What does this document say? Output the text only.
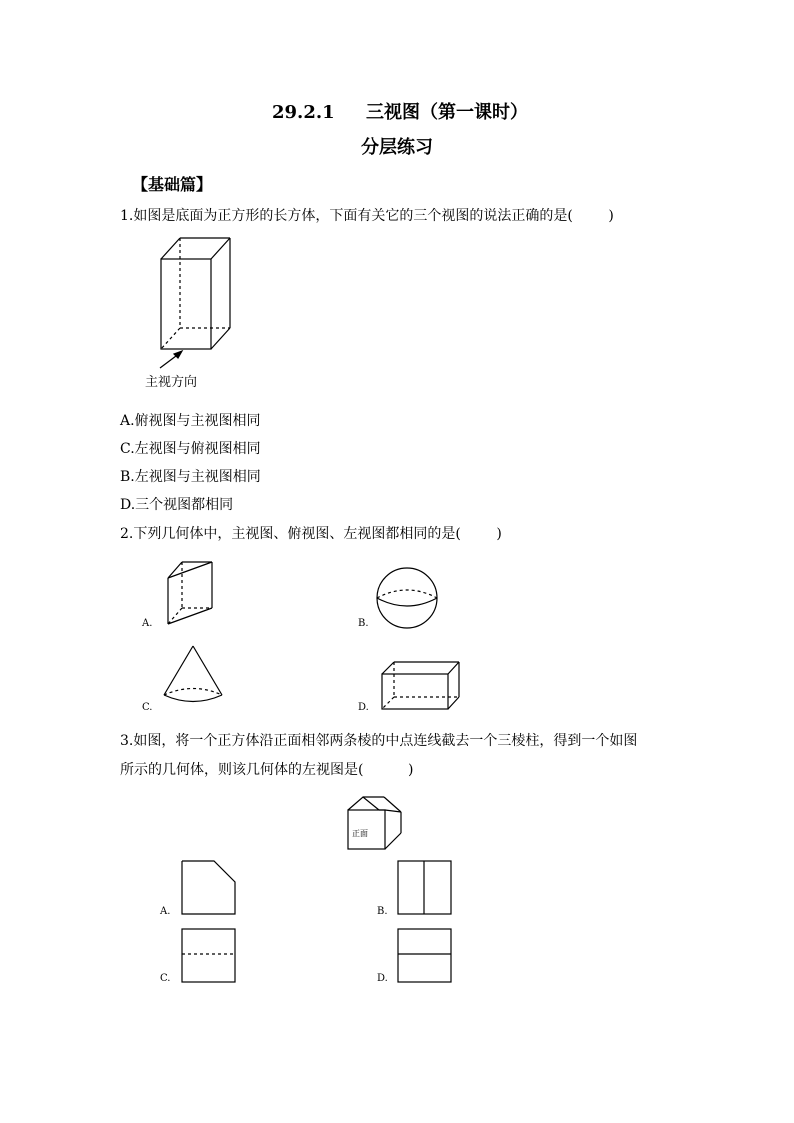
29.2.1     三视图（第一课时）
分层练习
【基础篇】
1.如图是底面为正方形的长方体，下面有关它的三个视图的说法正确的是(        )
主视方向
A.俯视图与主视图相同
C.左视图与俯视图相同
B.左视图与主视图相同
D.三个视图都相同
2.下列几何体中，主视图、俯视图、左视图都相同的是(        )
A.	B.
C.	D.
3.如图，将一个正方体沿正面相邻两条棱的中点连线截去一个三棱柱，得到一个如图
所示的几何体，则该几何体的左视图是(          )
正面
A.	B.
C.	D.
